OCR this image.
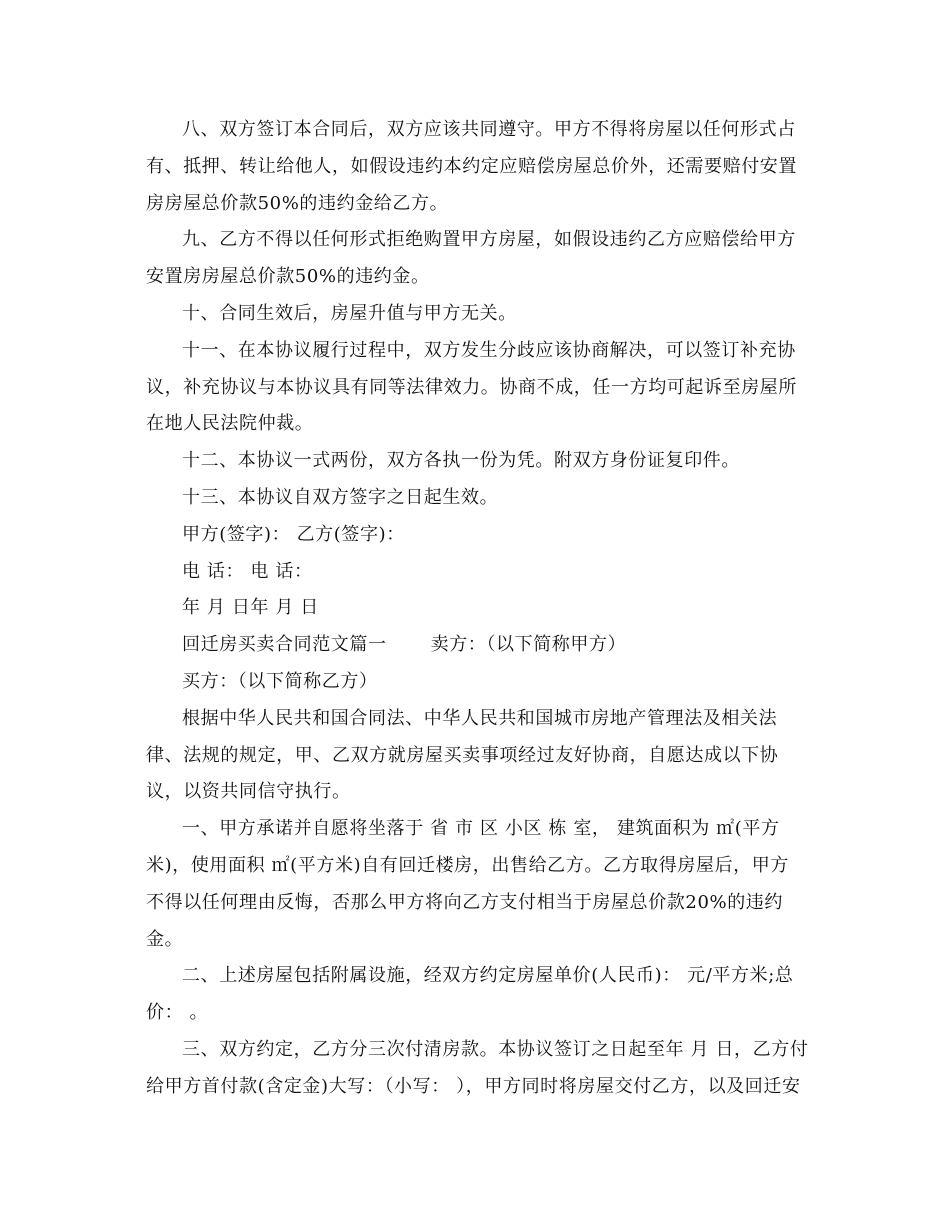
八、双方签订本合同后，双方应该共同遵守。甲方不得将房屋以任何形式占
有、抵押、转让给他人，如假设违约本约定应赔偿房屋总价外，还需要赔付安置
房房屋总价款50%的违约金给乙方。
九、乙方不得以任何形式拒绝购置甲方房屋，如假设违约乙方应赔偿给甲方
安置房房屋总价款50%的违约金。
十、合同生效后，房屋升值与甲方无关。
十一、在本协议履行过程中，双方发生分歧应该协商解决，可以签订补充协
议，补充协议与本协议具有同等法律效力。协商不成，任一方均可起诉至房屋所
在地人民法院仲裁。
十二、本协议一式两份，双方各执一份为凭。附双方身份证复印件。
十三、本协议自双方签字之日起生效。
甲方(签字)： 乙方(签字)：
电 话： 电 话：
年 月 日年 月 日
回迁房买卖合同范文篇一 卖方：（以下简称甲方）
买方：（以下简称乙方）
根据中华人民共和国合同法、中华人民共和国城市房地产管理法及相关法
律、法规的规定，甲、乙双方就房屋买卖事项经过友好协商，自愿达成以下协
议，以资共同信守执行。
一、甲方承诺并自愿将坐落于 省 市 区 小区 栋 室， 建筑面积为 ㎡(平方
米)，使用面积 ㎡(平方米)自有回迁楼房，出售给乙方。乙方取得房屋后，甲方
不得以任何理由反悔，否那么甲方将向乙方支付相当于房屋总价款20%的违约
金。
二、上述房屋包括附属设施，经双方约定房屋单价(人民币)： 元/平方米;总
价： 。
三、双方约定，乙方分三次付清房款。本协议签订之日起至年 月 日，乙方付
给甲方首付款(含定金)大写：（小写： ），甲方同时将房屋交付乙方，以及回迁安
